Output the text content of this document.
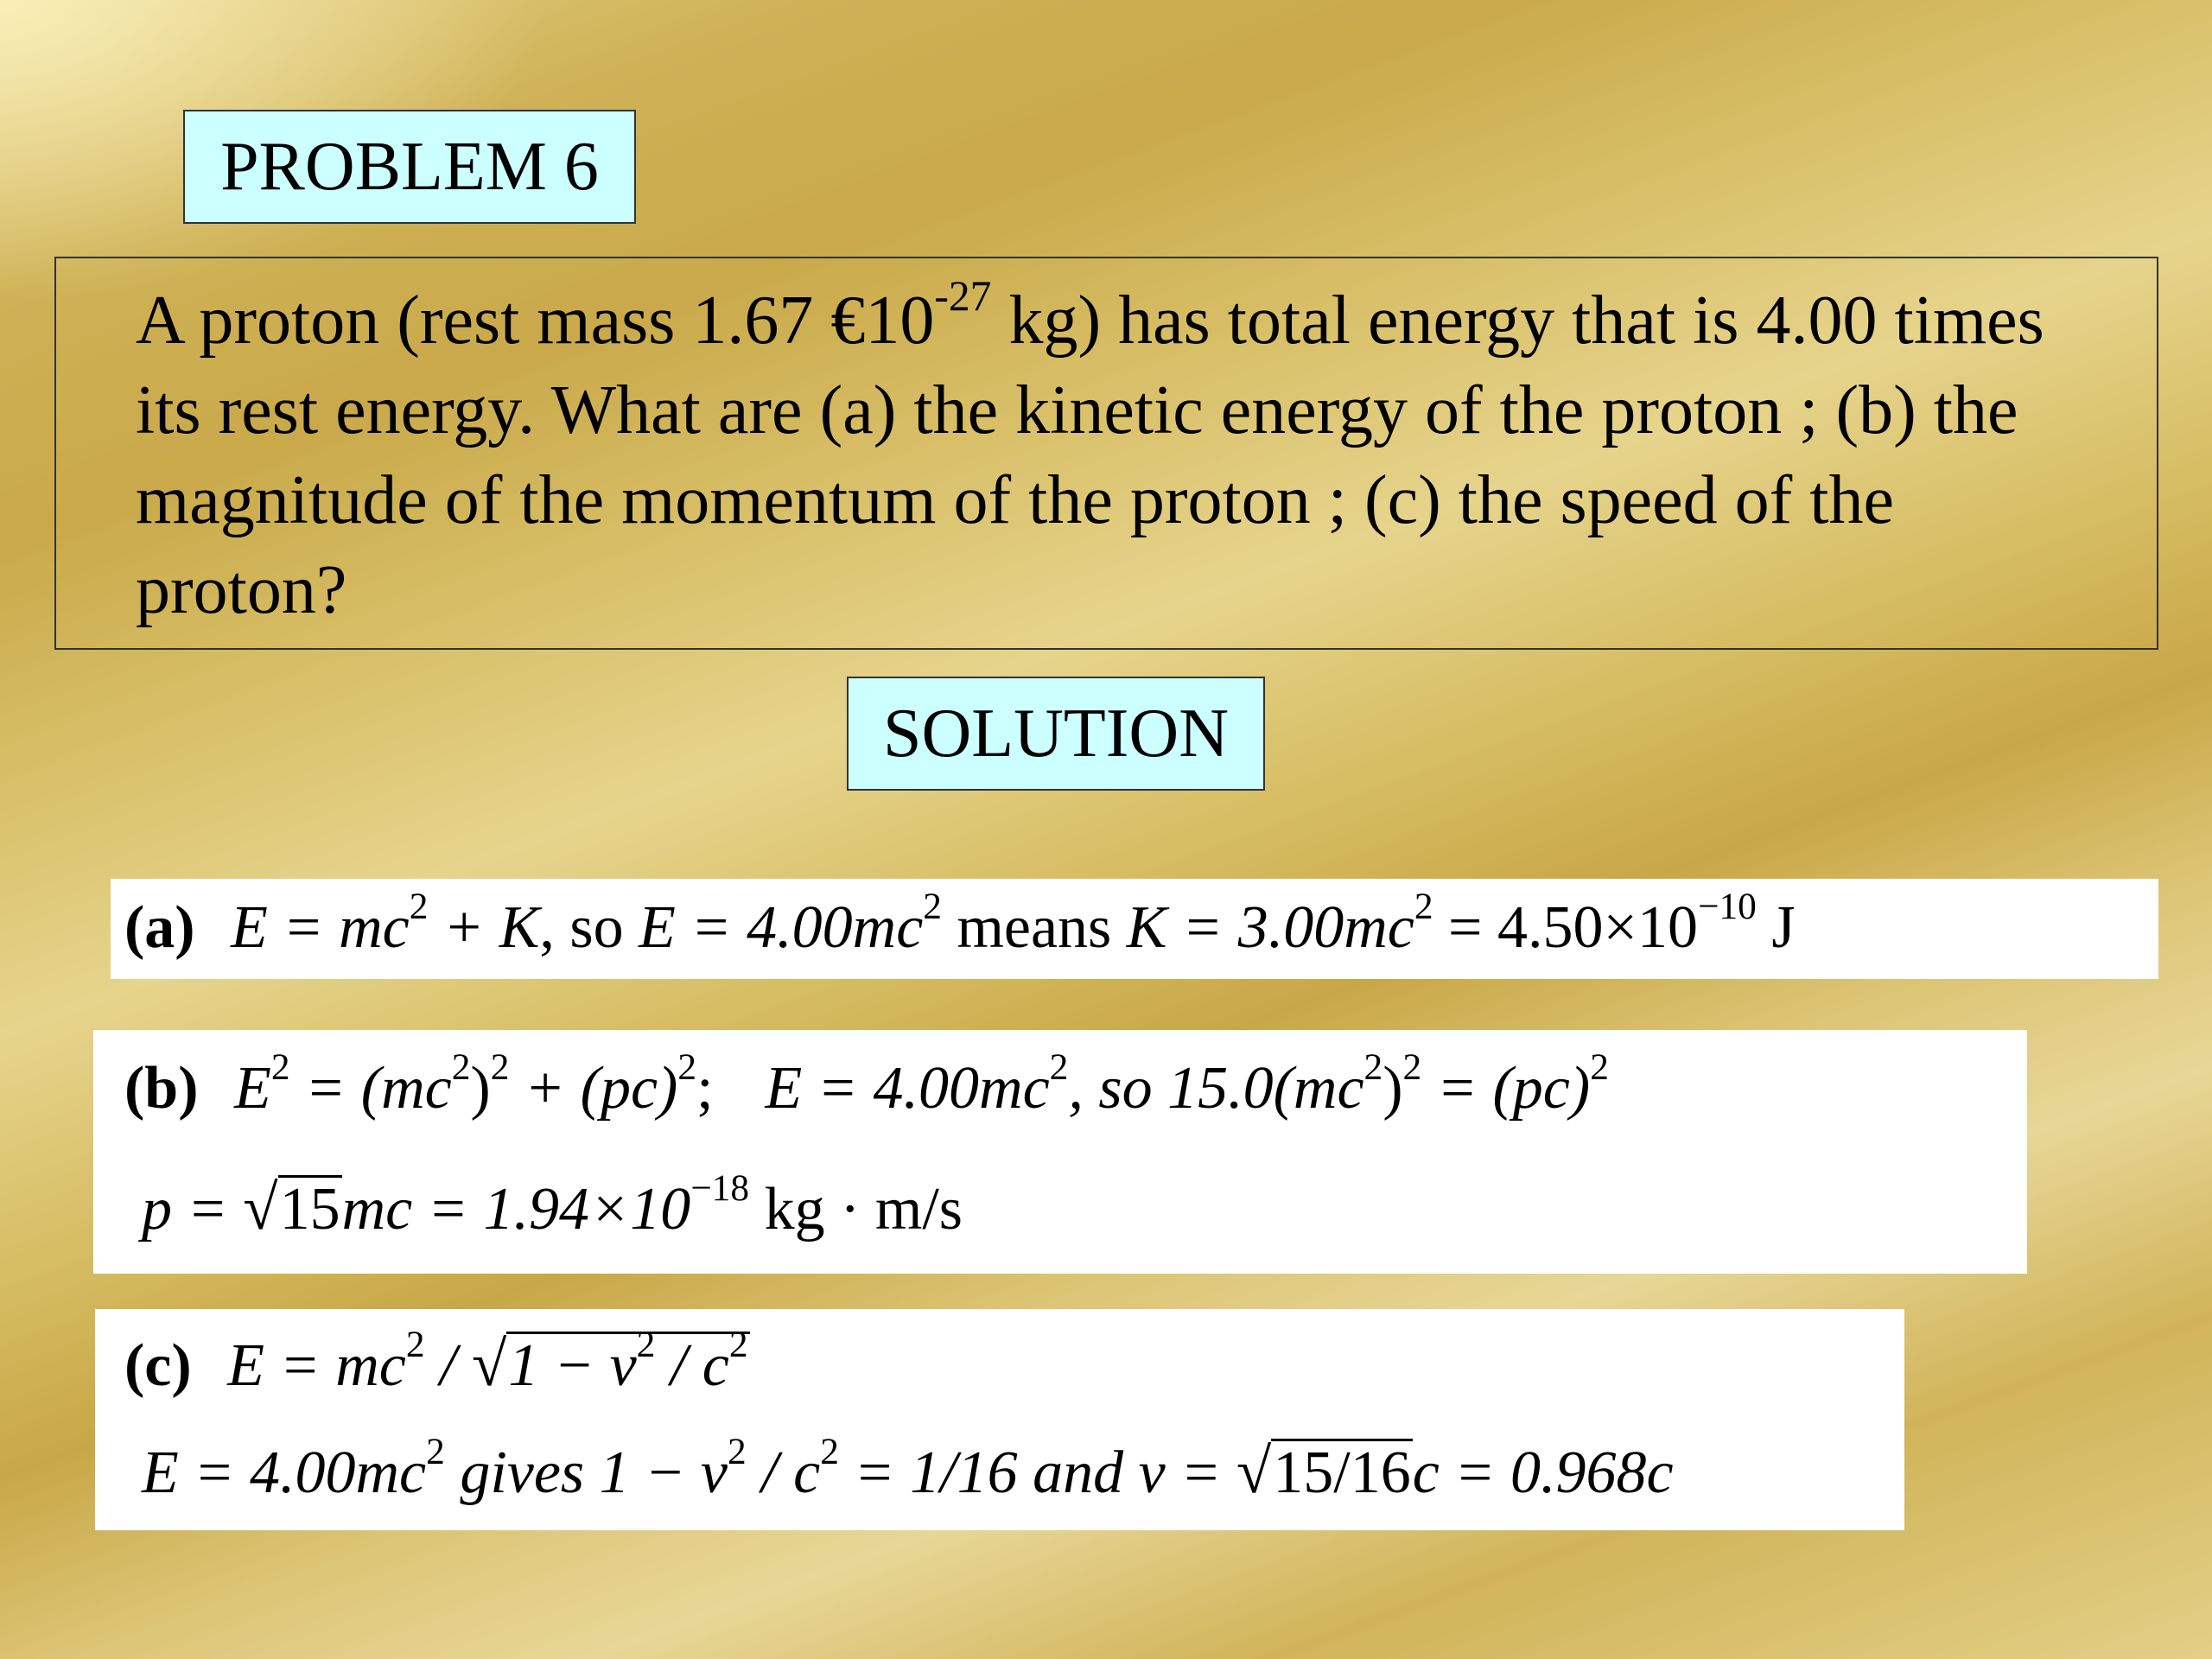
PROBLEM 6
A proton (rest mass 1.67 $€10^{-27}$ kg) has total energy that is 4.00 times its rest energy. What are (a) the kinetic energy of the proton ; (b) the magnitude of the momentum of the proton ; (c) the speed of the proton?
SOLUTION
(a) $E = mc^2 + K$, so $E = 4.00mc^2$ means $K = 3.00mc^2 = 4.50\times 10^{-10}$ J
(b) $E^2 = (mc^2)^2 + (pc)^2$; $E = 4.00mc^2$, so $15.0(mc^2)^2 = (pc)^2$
$p = √15mc = 1.94\times 10^{-18}$ kg · m/s
(c) $E = mc^2 / √1 - v^2 / c^2$
$E = 4.00mc^2$ gives $1 - v^2 / c^2 = 1/16$ and v = √15/16c = 0.968c
